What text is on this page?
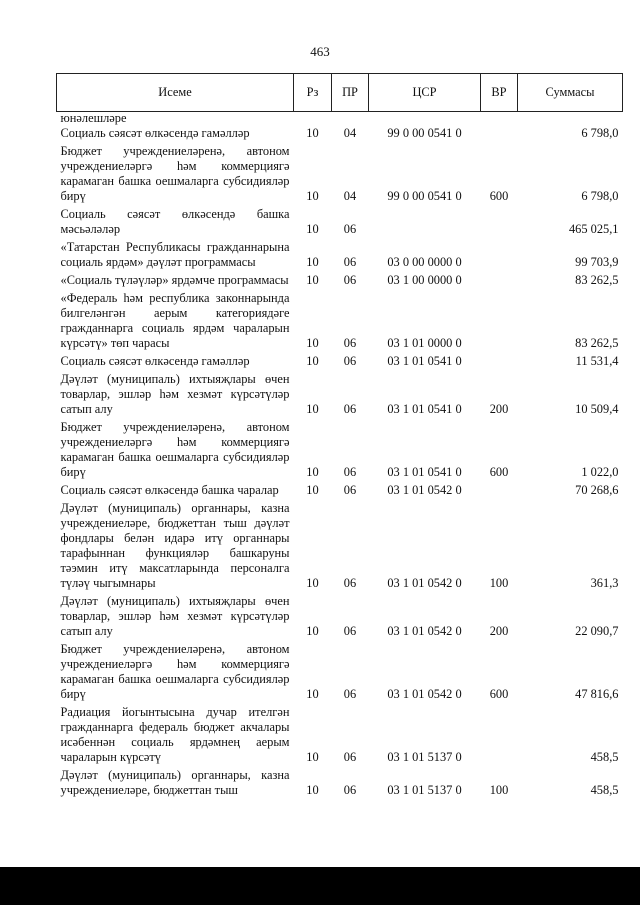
463
Исеме	Рз	ПР	ЦСР	ВР	Суммасы
юнәлешләре					
Социаль сәясәт өлкәсендә гамәлләр	10	04	99 0 00 0541 0		6 798,0
Бюджет учреждениеләренә, автоном учреждениеләргә һәм коммерциягә карамаган башка оешмаларга субсидияләр бирү	10	04	99 0 00 0541 0	600	6 798,0
Социаль сәясәт өлкәсендә башка мәсьәләләр	10	06			465 025,1
«Татарстан Республикасы гражданнарына социаль ярдәм» дәүләт программасы	10	06	03 0 00 0000 0		99 703,9
«Социаль түләүләр» ярдәмче программасы	10	06	03 1 00 0000 0		83 262,5
«Федераль һәм республика законнарында билгеләнгән аерым категориядәге гражданнарга социаль ярдәм чараларын күрсәтү» төп чарасы	10	06	03 1 01 0000 0		83 262,5
Социаль сәясәт өлкәсендә гамәлләр	10	06	03 1 01 0541 0		11 531,4
Дәүләт (муниципаль) ихтыяҗлары өчен товарлар, эшләр һәм хезмәт күрсәтүләр сатып алу	10	06	03 1 01 0541 0	200	10 509,4
Бюджет учреждениеләренә, автоном учреждениеләргә һәм коммерциягә карамаган башка оешмаларга субсидияләр бирү	10	06	03 1 01 0541 0	600	1 022,0
Социаль сәясәт өлкәсендә башка чаралар	10	06	03 1 01 0542 0		70 268,6
Дәүләт (муниципаль) органнары, казна учреждениеләре, бюджеттан тыш дәүләт фондлары белән идарә итү органнары тарафыннан функцияләр башкаруны тәэмин итү максатларында персоналга түләү чыгымнары	10	06	03 1 01 0542 0	100	361,3
Дәүләт (муниципаль) ихтыяҗлары өчен товарлар, эшләр һәм хезмәт күрсәтүләр сатып алу	10	06	03 1 01 0542 0	200	22 090,7
Бюджет учреждениеләренә, автоном учреждениеләргә һәм коммерциягә карамаган башка оешмаларга субсидияләр бирү	10	06	03 1 01 0542 0	600	47 816,6
Радиация йогынтысына дучар ителгән гражданнарга федераль бюджет акчалары исәбеннән социаль ярдәмнең аерым чараларын күрсәтү	10	06	03 1 01 5137 0		458,5
Дәүләт (муниципаль) органнары, казна учреждениеләре, бюджеттан тыш	10	06	03 1 01 5137 0	100	458,5
